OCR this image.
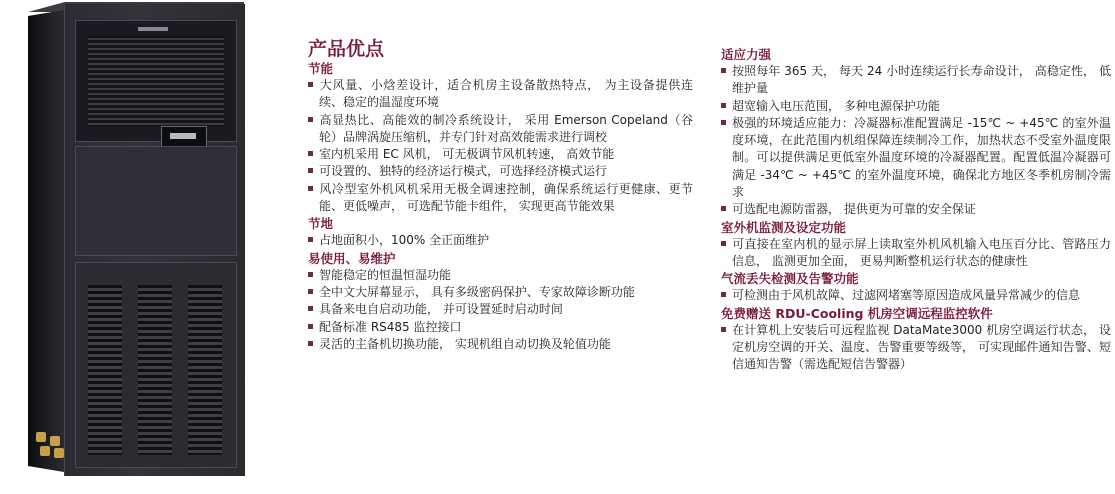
产品优点
节能

大风量、小焓差设计，适合机房主设备散热特点， 为主设备提供连续、稳定的温湿度环境

高显热比、高能效的制冷系统设计， 采用 Emerson Copeland（谷轮）品牌涡旋压缩机，并专门针对高效能需求进行调校

室内机采用 EC 风机， 可无极调节风机转速， 高效节能

可设置的、独特的经济运行模式，可选择经济模式运行

风冷型室外机风机采用无极全调速控制，确保系统运行更健康、更节能、更低噪声， 可选配节能卡组件， 实现更高节能效果

节地

占地面积小，100% 全正面维护

易使用、易维护

智能稳定的恒温恒湿功能

全中文大屏幕显示， 具有多级密码保护、专家故障诊断功能

具备来电自启动功能， 并可设置延时启动时间

配备标准 RS485 监控接口

灵活的主备机切换功能， 实现机组自动切换及轮值功能

适应力强

按照每年 365 天， 每天 24 小时连续运行长寿命设计， 高稳定性， 低维护量

超宽输入电压范围， 多种电源保护功能

极强的环境适应能力：冷凝器标准配置满足 -15℃ ~ +45℃ 的室外温度环境，在此范围内机组保障连续制冷工作，加热状态不受室外温度限制。可以提供满足更低室外温度环境的冷凝器配置。配置低温冷凝器可满足 -34℃ ~ +45℃ 的室外温度环境，确保北方地区冬季机房制冷需求

可选配电源防雷器， 提供更为可靠的安全保证

室外机监测及设定功能

可直接在室内机的显示屏上读取室外机风机输入电压百分比、管路压力信息， 监测更加全面， 更易判断整机运行状态的健康性

气流丢失检测及告警功能

可检测由于风机故障、过滤网堵塞等原因造成风量异常减少的信息

免费赠送 RDU-Cooling 机房空调远程监控软件

在计算机上安装后可远程监视 DataMate3000 机房空调运行状态， 设定机房空调的开关、温度、告警重要等级等， 可实现邮件通知告警、短信通知告警（需选配短信告警器）
